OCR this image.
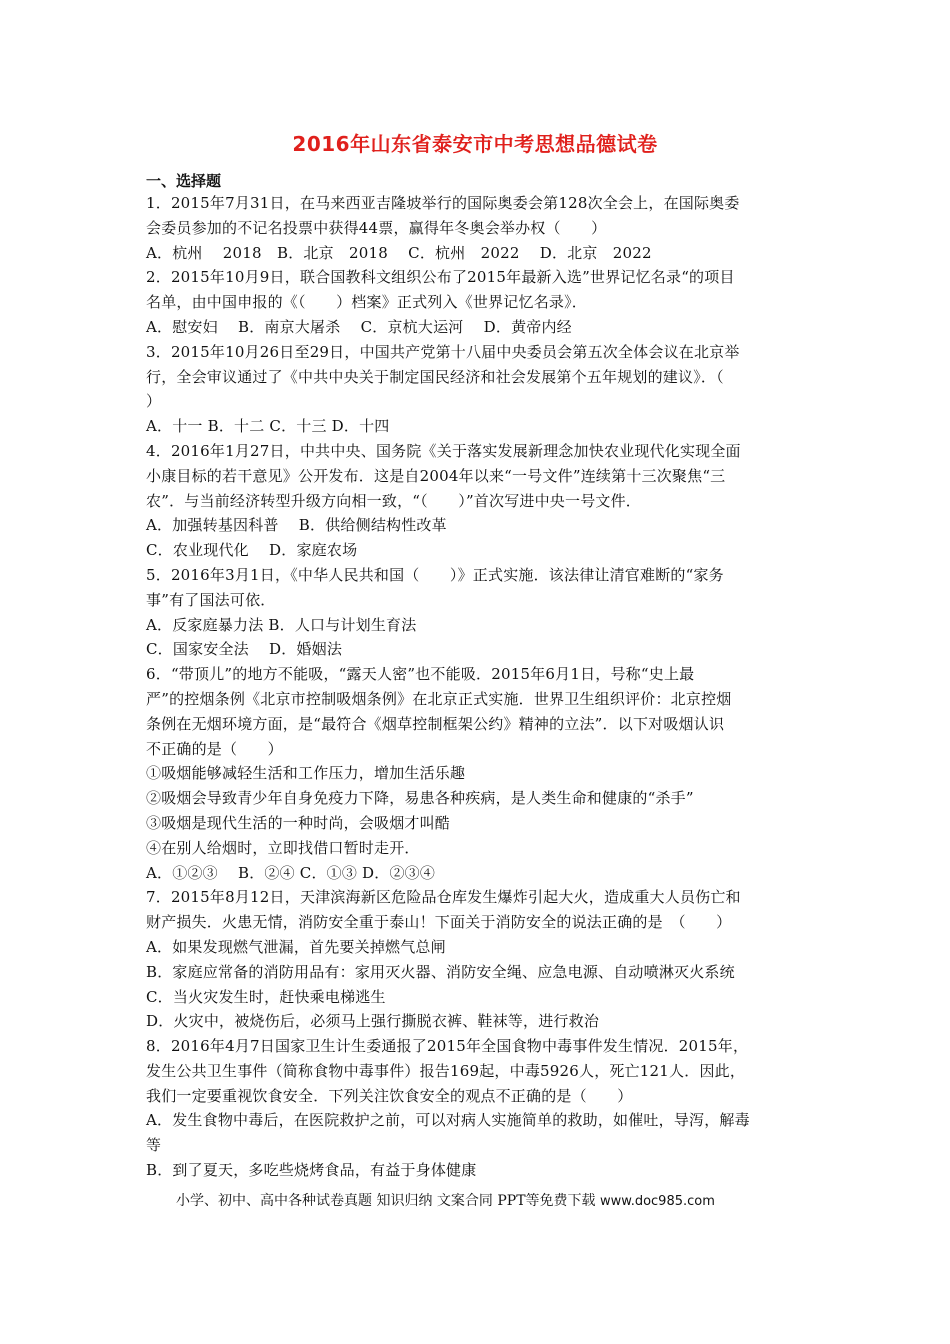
2016年山东省泰安市中考思想品德试卷
一、选择题

1．2015年7月31日，在马来西亚吉隆坡举行的国际奥委会第128次全会上，在国际奥委

会委员参加的不记名投票中获得44票，赢得年冬奥会举办权（　　）

A．杭州　 2018　B．北京　2018　 C．杭州　2022　 D．北京　2022

2．2015年10月9日，联合国教科文组织公布了2015年最新入选”世界记忆名录“的项目

名单，由中国申报的《（　　）档案》正式列入《世界记忆名录》．

A．慰安妇　 B．南京大屠杀　 C．京杭大运河　 D．黄帝内经

3．2015年10月26日至29日，中国共产党第十八届中央委员会第五次全体会议在北京举

行，全会审议通过了《中共中央关于制定国民经济和社会发展第个五年规划的建议》．（

）

A．十一 B．十二 C．十三 D．十四

4．2016年1月27日，中共中央、国务院《关于落实发展新理念加快农业现代化实现全面

小康目标的若干意见》公开发布．这是自2004年以来“一号文件”连续第十三次聚焦“三

农”．与当前经济转型升级方向相一致，“（　　）”首次写进中央一号文件．

A．加强转基因科普　 B．供给侧结构性改革

C．农业现代化　 D．家庭农场

5．2016年3月1日，《中华人民共和国（　　）》正式实施．该法律让清官难断的“家务

事”有了国法可依．

A．反家庭暴力法 B．人口与计划生育法

C．国家安全法　 D．婚姻法

6．“带顶儿”的地方不能吸，“露天人密”也不能吸．2015年6月1日，号称“史上最

严”的控烟条例《北京市控制吸烟条例》在北京正式实施．世界卫生组织评价：北京控烟

条例在无烟环境方面，是“最符合《烟草控制框架公约》精神的立法”．以下对吸烟认识

不正确的是（　　）

①吸烟能够减轻生活和工作压力，增加生活乐趣

②吸烟会导致青少年自身免疫力下降，易患各种疾病，是人类生命和健康的“杀手”

③吸烟是现代生活的一种时尚，会吸烟才叫酷

④在别人给烟时，立即找借口暂时走开．

A．①②③　 B．②④ C．①③ D．②③④

7．2015年8月12日，天津滨海新区危险品仓库发生爆炸引起大火，造成重大人员伤亡和

财产损失．火患无情，消防安全重于泰山！下面关于消防安全的说法正确的是　（　　）

A．如果发现燃气泄漏，首先要关掉燃气总闸

B．家庭应常备的消防用品有：家用灭火器、消防安全绳、应急电源、自动喷淋灭火系统

C．当火灾发生时，赶快乘电梯逃生

D．火灾中，被烧伤后，必须马上强行撕脱衣裤、鞋袜等，进行救治

8．2016年4月7日国家卫生计生委通报了2015年全国食物中毒事件发生情况．2015年，

发生公共卫生事件（简称食物中毒事件）报告169起，中毒5926人，死亡121人．因此，

我们一定要重视饮食安全．下列关注饮食安全的观点不正确的是（　　）

A．发生食物中毒后，在医院救护之前，可以对病人实施简单的救助，如催吐，导泻，解毒

等

B．到了夏天，多吃些烧烤食品，有益于身体健康

小学、初中、高中各种试卷真题 知识归纳 文案合同 PPT等免费下载 www.doc985.com
